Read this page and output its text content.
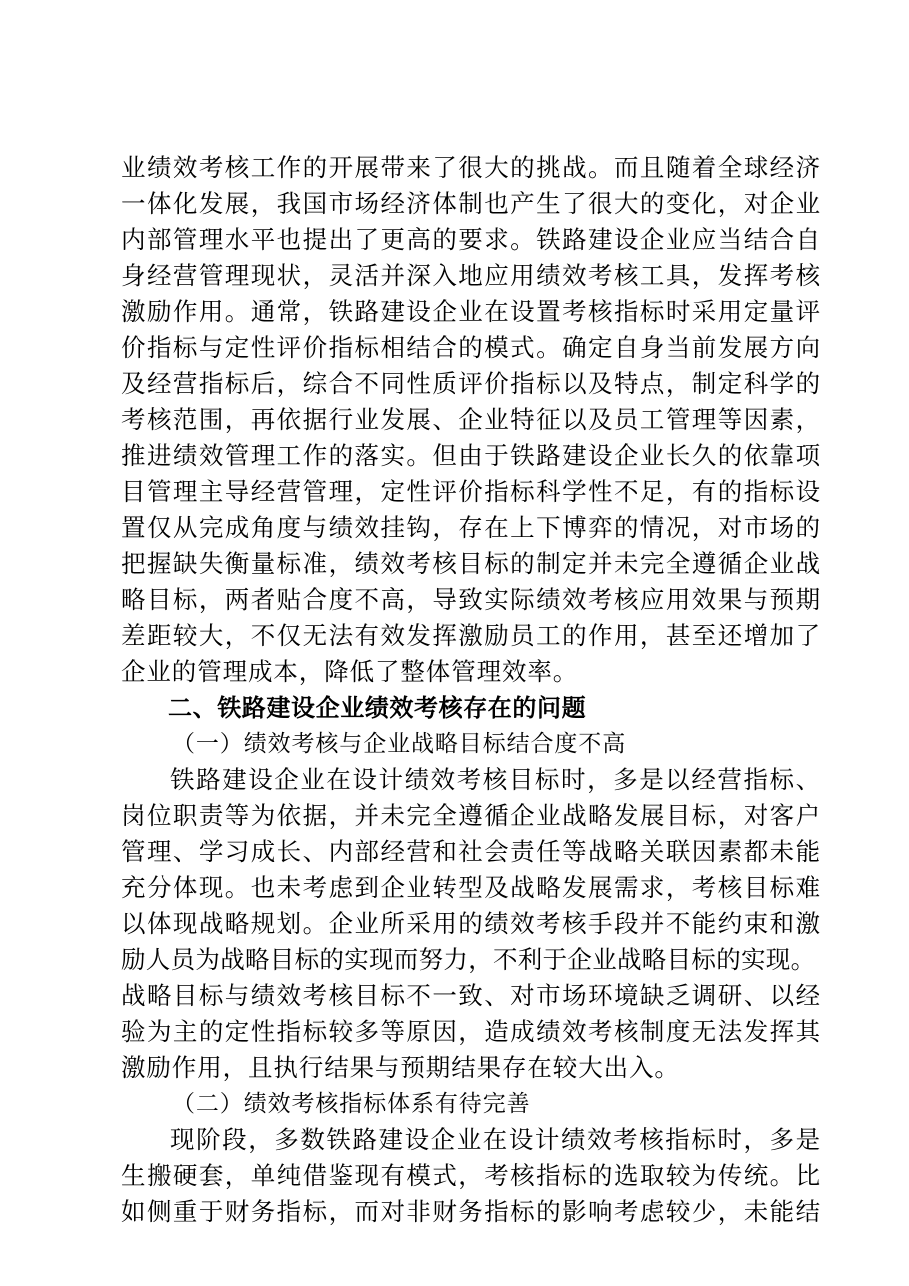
业绩效考核工作的开展带来了很大的挑战。而且随着全球经济
一体化发展，我国市场经济体制也产生了很大的变化，对企业
内部管理水平也提出了更高的要求。铁路建设企业应当结合自
身经营管理现状，灵活并深入地应用绩效考核工具，发挥考核
激励作用。通常，铁路建设企业在设置考核指标时采用定量评
价指标与定性评价指标相结合的模式。确定自身当前发展方向
及经营指标后，综合不同性质评价指标以及特点，制定科学的
考核范围，再依据行业发展、企业特征以及员工管理等因素，
推进绩效管理工作的落实。但由于铁路建设企业长久的依靠项
目管理主导经营管理，定性评价指标科学性不足，有的指标设
置仅从完成角度与绩效挂钩，存在上下博弈的情况，对市场的
把握缺失衡量标准，绩效考核目标的制定并未完全遵循企业战
略目标，两者贴合度不高，导致实际绩效考核应用效果与预期
差距较大，不仅无法有效发挥激励员工的作用，甚至还增加了
企业的管理成本，降低了整体管理效率。
二、铁路建设企业绩效考核存在的问题
（一）绩效考核与企业战略目标结合度不高
铁路建设企业在设计绩效考核目标时，多是以经营指标、
岗位职责等为依据，并未完全遵循企业战略发展目标，对客户
管理、学习成长、内部经营和社会责任等战略关联因素都未能
充分体现。也未考虑到企业转型及战略发展需求，考核目标难
以体现战略规划。企业所采用的绩效考核手段并不能约束和激
励人员为战略目标的实现而努力，不利于企业战略目标的实现。
战略目标与绩效考核目标不一致、对市场环境缺乏调研、以经
验为主的定性指标较多等原因，造成绩效考核制度无法发挥其
激励作用，且执行结果与预期结果存在较大出入。
（二）绩效考核指标体系有待完善
现阶段，多数铁路建设企业在设计绩效考核指标时，多是
生搬硬套，单纯借鉴现有模式，考核指标的选取较为传统。比
如侧重于财务指标，而对非财务指标的影响考虑较少，未能结
